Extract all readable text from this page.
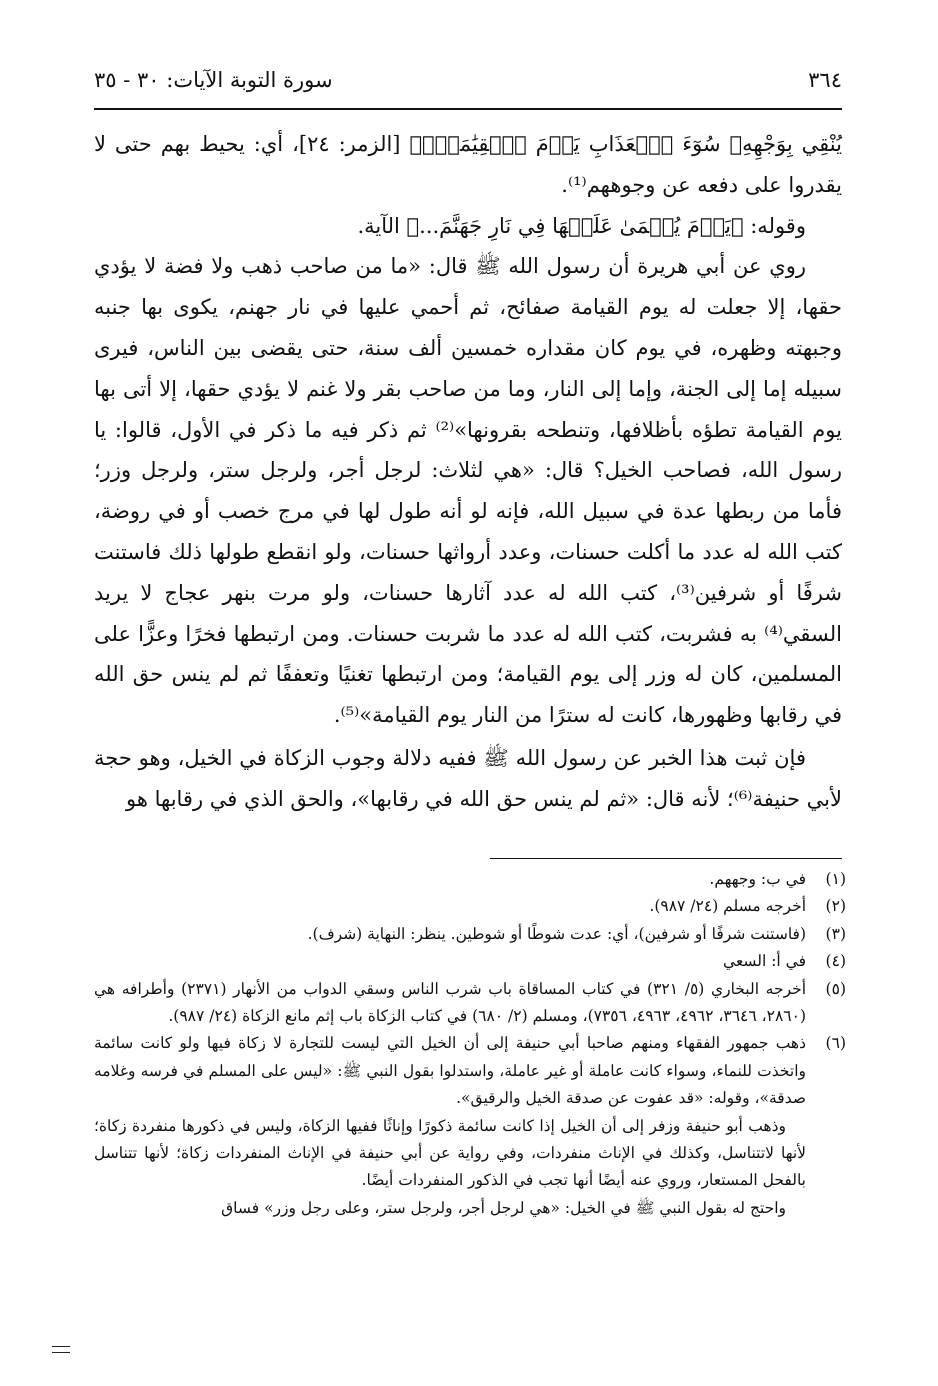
٣٦٤
سورة التوبة الآيات: ٣٠ - ٣٥

يُنْقِي بِوَجْهِهِۦ سُوٓءَ ٱلۡعَذَابِ يَوۡمَ ٱلۡقِيَٰمَةِۚ﴾ [الزمر: ٢٤]، أي: يحيط بهم حتى لا يقدروا على دفعه عن وجوههم⁽¹⁾.

وقوله: ﴿يَوۡمَ يُحۡمَىٰ عَلَيۡهَا فِي نَارِ جَهَنَّمَ...﴾ الآية.

روي عن أبي هريرة أن رسول الله ﷺ قال: «ما من صاحب ذهب ولا فضة لا يؤدي حقها، إلا جعلت له يوم القيامة صفائح، ثم أحمي عليها في نار جهنم، يكوى بها جنبه وجبهته وظهره، في يوم كان مقداره خمسين ألف سنة، حتى يقضى بين الناس، فيرى سبيله إما إلى الجنة، وإما إلى النار، وما من صاحب بقر ولا غنم لا يؤدي حقها، إلا أتى بها يوم القيامة تطؤه بأظلافها، وتنطحه بقرونها»⁽²⁾ ثم ذكر فيه ما ذكر في الأول، قالوا: يا رسول الله، فصاحب الخيل؟ قال: «هي لثلاث: لرجل أجر، ولرجل ستر، ولرجل وزر؛ فأما من ربطها عدة في سبيل الله، فإنه لو أنه طول لها في مرج خصب أو في روضة، كتب الله له عدد ما أكلت حسنات، وعدد أرواثها حسنات، ولو انقطع طولها ذلك فاستنت شرفًا أو شرفين⁽³⁾، كتب الله له عدد آثارها حسنات، ولو مرت بنهر عجاج لا يريد السقي⁽⁴⁾ به فشربت، كتب الله له عدد ما شربت حسنات. ومن ارتبطها فخرًا وعزًّا على المسلمين، كان له وزر إلى يوم القيامة؛ ومن ارتبطها تغنيًا وتعففًا ثم لم ينس حق الله في رقابها وظهورها، كانت له سترًا من النار يوم القيامة»⁽⁵⁾.

فإن ثبت هذا الخبر عن رسول الله ﷺ ففيه دلالة وجوب الزكاة في الخيل، وهو حجة لأبي حنيفة⁽⁶⁾؛ لأنه قال: «ثم لم ينس حق الله في رقابها»، والحق الذي في رقابها هو

(١)
في ب: وجههم.
(٢)
أخرجه مسلم (٢٤/ ٩٨٧).
(٣)
(فاستنت شرفًا أو شرفين)، أي: عدت شوطًا أو شوطين. ينظر: النهاية (شرف).
(٤)
في أ: السعي
(٥)
أخرجه البخاري (٥/ ٣٢١) في كتاب المساقاة باب شرب الناس وسقي الدواب من الأنهار (٢٣٧١) وأطرافه هي (٢٨٦٠، ٣٦٤٦، ٤٩٦٢، ٤٩٦٣، ٧٣٥٦)، ومسلم (٢/ ٦٨٠) في كتاب الزكاة باب إثم مانع الزكاة (٢٤/ ٩٨٧).
(٦)
ذهب جمهور الفقهاء ومنهم صاحبا أبي حنيفة إلى أن الخيل التي ليست للتجارة لا زكاة فيها ولو كانت سائمة واتخذت للنماء، وسواء كانت عاملة أو غير عاملة، واستدلوا بقول النبي ﷺ: «ليس على المسلم في فرسه وغلامه صدقة»، وقوله: «قد عفوت عن صدقة الخيل والرقيق».
وذهب أبو حنيفة وزفر إلى أن الخيل إذا كانت سائمة ذكورًا وإناثًا ففيها الزكاة، وليس في ذكورها منفردة زكاة؛ لأنها لاتتناسل، وكذلك في الإناث منفردات، وفي رواية عن أبي حنيفة في الإناث المنفردات زكاة؛ لأنها تتناسل بالفحل المستعار، وروي عنه أيضًا أنها تجب في الذكور المنفردات أيضًا.
واحتج له بقول النبي ﷺ في الخيل: «هي لرجل أجر، ولرجل ستر، وعلى رجل وزر» فساق
